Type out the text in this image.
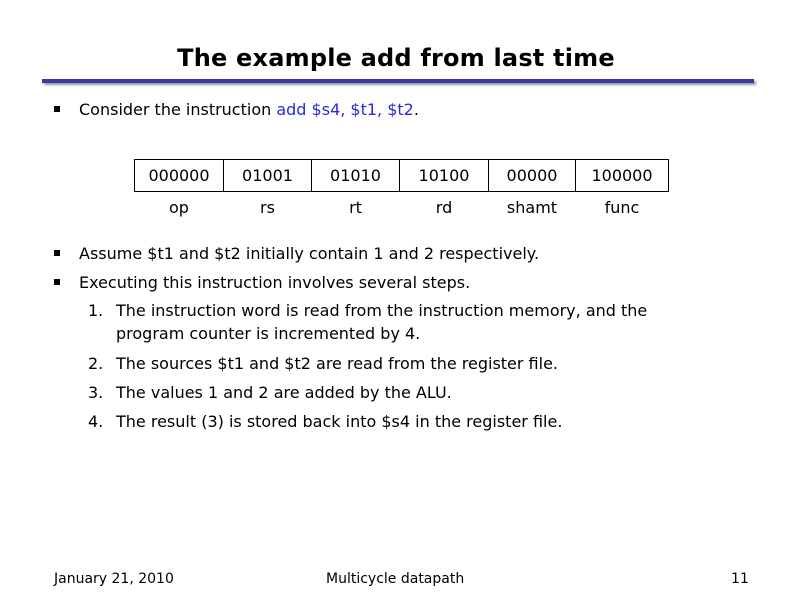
The example add from last time
Consider the instruction add $s4, $t1, $t2.
000000	01001	01010	10100	00000	100000
op	rs	rt	rd	shamt	func
Assume $t1 and $t2 initially contain 1 and 2 respectively.
Executing this instruction involves several steps.
1. The instruction word is read from the instruction memory, and the
program counter is incremented by 4.
2. The sources $t1 and $t2 are read from the register file.
3. The values 1 and 2 are added by the ALU.
4. The result (3) is stored back into $s4 in the register file.
January 21, 2010	Multicycle datapath	11
